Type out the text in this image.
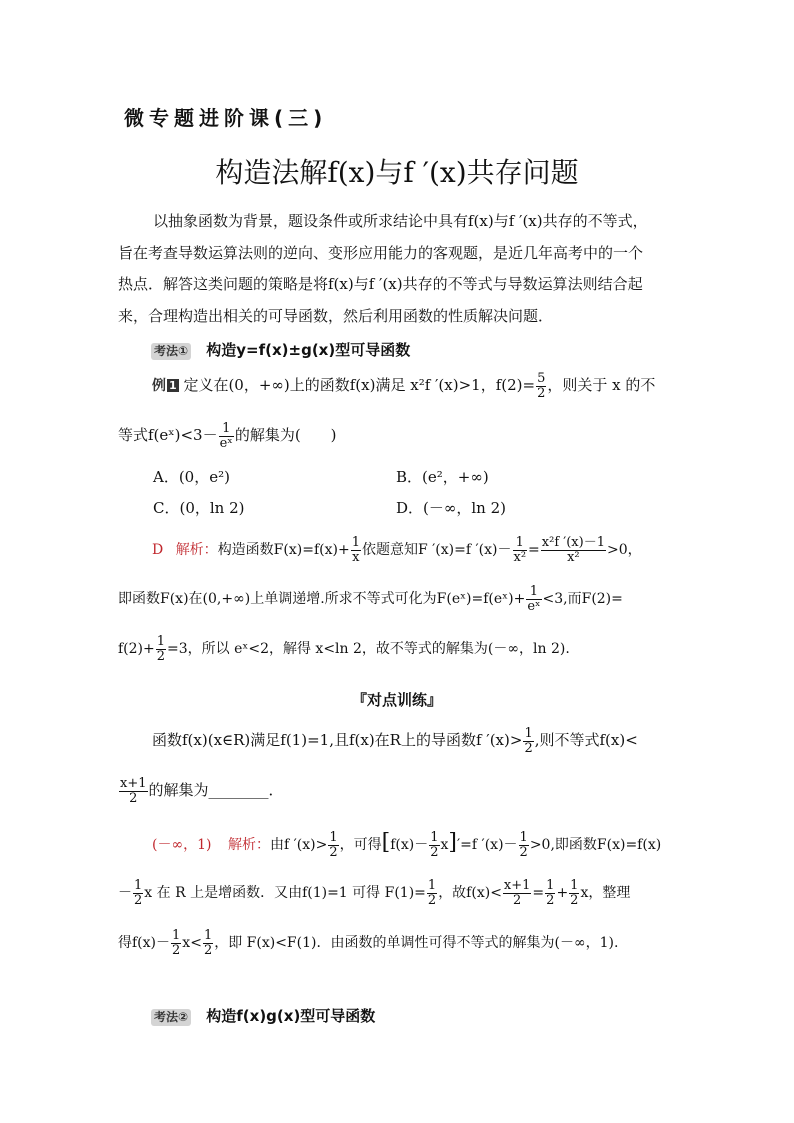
微专题进阶课(三)
构造法解f(x)与f ′(x)共存问题
以抽象函数为背景，题设条件或所求结论中具有f(x)与f ′(x)共存的不等式，
旨在考查导数运算法则的逆向、变形应用能力的客观题，是近几年高考中的一个
热点．解答这类问题的策略是将f(x)与f ′(x)共存的不等式与导数运算法则结合起
来，合理构造出相关的可导函数，然后利用函数的性质解决问题．
考法① 构造y=f(x)±g(x)型可导函数
例 1 定义在(0，+∞)上的函数f(x)满足 x²f ′(x)>1，$f(2)= \frac{5}{2}$ ，则关于 x 的不
等式f(eˣ)<3－ $\frac{1}{\text{eˣ}}$ 的解集为(　　)
A．(0，e²)	B．(e²，+∞)
C．(0，ln 2)	D．(－∞，ln 2)
D 解析：构造函数$F(x)=f(x)+ \frac{1}{x}$ 依题意知F ′(x)=f $'(x)- \frac{1}{\text{x²}} = \frac{\text{x²f ′(x)－1}}{\text{x²}} >0$，
即函数F(x)在(0,+∞)上单调递增.所求不等式可化为F(eˣ)=f(eˣ)+ $\frac{1}{\text{eˣ}} <3$,而F(2)=
$f(2)+ \frac{1}{2} =3$，所以 eˣ<2，解得 x<ln 2，故不等式的解集为(－∞，ln 2).
『对点训练』
函数f(x)(x∈R)满足f(1)=1,且f(x)在R上的导函数f $'(x)> \frac{1}{2}$ ,则不等式f(x)<
$\frac{x+1}{2}$ 的解集为________．
(－∞，1) 解析：由f $'(x)> \frac{1}{2}$ ，可得$[f(x)- \frac{1}{2} x]'=f$ $'(x)- \frac{1}{2} >0$,即函数F(x)=f(x)
－ $\frac{1}{2}$ x 在 R 上是增函数．又由f(1)=1 可得 $F(1)= \frac{1}{2}$ ，故$f(x)< \frac{x+1}{2} = \frac{1}{2} + \frac{1}{2}$ x，整理
得$f(x)- \frac{1}{2} x< \frac{1}{2}$ ，即 F(x)<F(1)．由函数的单调性可得不等式的解集为(－∞，1).
考法② 构造f(x)g(x)型可导函数
